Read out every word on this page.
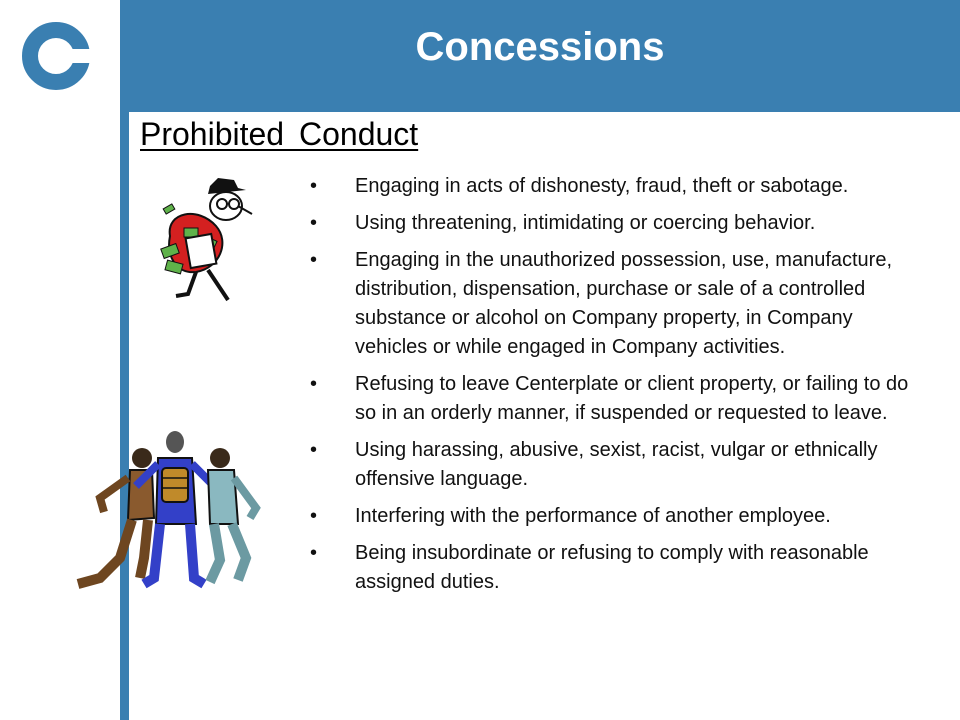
Concessions
Prohibited Conduct
•	Engaging in acts of dishonesty, fraud, theft or sabotage.
•	Using threatening, intimidating or coercing behavior.
•	Engaging in the unauthorized possession, use, manufacture, distribution, dispensation, purchase or sale of a controlled substance or alcohol on Company property, in Company vehicles or while engaged in Company activities.
•	Refusing to leave Centerplate or client property, or failing to do so in an orderly manner, if suspended or requested to leave.
•	Using harassing, abusive, sexist, racist, vulgar or ethnically offensive language.
•	Interfering with the performance of another employee.
•	Being insubordinate or refusing to comply with reasonable assigned duties.
